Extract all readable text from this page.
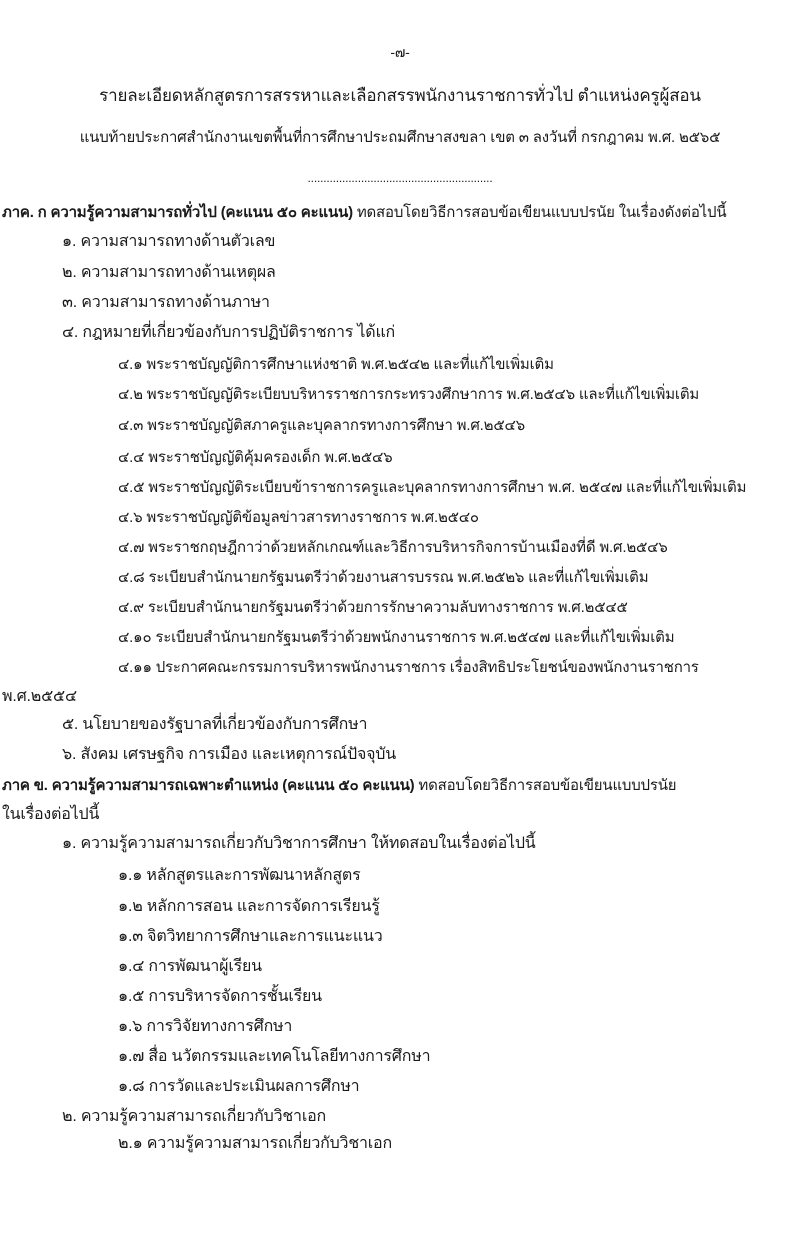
-๗-
รายละเอียดหลักสูตรการสรรหาและเลือกสรรพนักงานราชการทั่วไป ตำแหน่งครูผู้สอน
แนบท้ายประกาศสำนักงานเขตพื้นที่การศึกษาประถมศึกษาสงขลา เขต ๓ ลงวันที่ กรกฎาคม พ.ศ. ๒๕๖๕
...........................................................
ภาค. ก ความรู้ความสามารถทั่วไป (คะแนน ๕๐ คะแนน) ทดสอบโดยวิธีการสอบข้อเขียนแบบปรนัย ในเรื่องดังต่อไปนี้
๑. ความสามารถทางด้านตัวเลข
๒. ความสามารถทางด้านเหตุผล
๓. ความสามารถทางด้านภาษา
๔. กฎหมายที่เกี่ยวข้องกับการปฏิบัติราชการ ได้แก่
๔.๑ พระราชบัญญัติการศึกษาแห่งชาติ พ.ศ.๒๕๔๒ และที่แก้ไขเพิ่มเติม
๔.๒ พระราชบัญญัติระเบียบบริหารราชการกระทรวงศึกษาการ พ.ศ.๒๕๔๖ และที่แก้ไขเพิ่มเติม
๔.๓ พระราชบัญญัติสภาครูและบุคลากรทางการศึกษา พ.ศ.๒๕๔๖
๔.๔ พระราชบัญญัติคุ้มครองเด็ก พ.ศ.๒๕๔๖
๔.๕ พระราชบัญญัติระเบียบข้าราชการครูและบุคลากรทางการศึกษา พ.ศ. ๒๕๔๗ และที่แก้ไขเพิ่มเติม
๔.๖ พระราชบัญญัติข้อมูลข่าวสารทางราชการ พ.ศ.๒๕๔๐
๔.๗ พระราชกฤษฎีกาว่าด้วยหลักเกณฑ์และวิธีการบริหารกิจการบ้านเมืองที่ดี พ.ศ.๒๕๔๖
๔.๘ ระเบียบสำนักนายกรัฐมนตรีว่าด้วยงานสารบรรณ พ.ศ.๒๕๒๖ และที่แก้ไขเพิ่มเติม
๔.๙ ระเบียบสำนักนายกรัฐมนตรีว่าด้วยการรักษาความลับทางราชการ พ.ศ.๒๕๔๕
๔.๑๐ ระเบียบสำนักนายกรัฐมนตรีว่าด้วยพนักงานราชการ พ.ศ.๒๕๔๗ และที่แก้ไขเพิ่มเติม
๔.๑๑ ประกาศคณะกรรมการบริหารพนักงานราชการ เรื่องสิทธิประโยชน์ของพนักงานราชการ
พ.ศ.๒๕๕๔
๕. นโยบายของรัฐบาลที่เกี่ยวข้องกับการศึกษา
๖. สังคม เศรษฐกิจ การเมือง และเหตุการณ์ปัจจุบัน
ภาค ข. ความรู้ความสามารถเฉพาะตำแหน่ง (คะแนน ๕๐ คะแนน) ทดสอบโดยวิธีการสอบข้อเขียนแบบปรนัย
ในเรื่องต่อไปนี้
๑. ความรู้ความสามารถเกี่ยวกับวิชาการศึกษา ให้ทดสอบในเรื่องต่อไปนี้
๑.๑ หลักสูตรและการพัฒนาหลักสูตร
๑.๒ หลักการสอน และการจัดการเรียนรู้
๑.๓ จิตวิทยาการศึกษาและการแนะแนว
๑.๔ การพัฒนาผู้เรียน
๑.๕ การบริหารจัดการชั้นเรียน
๑.๖ การวิจัยทางการศึกษา
๑.๗ สื่อ นวัตกรรมและเทคโนโลยีทางการศึกษา
๑.๘ การวัดและประเมินผลการศึกษา
๒. ความรู้ความสามารถเกี่ยวกับวิชาเอก
๒.๑ ความรู้ความสามารถเกี่ยวกับวิชาเอก
